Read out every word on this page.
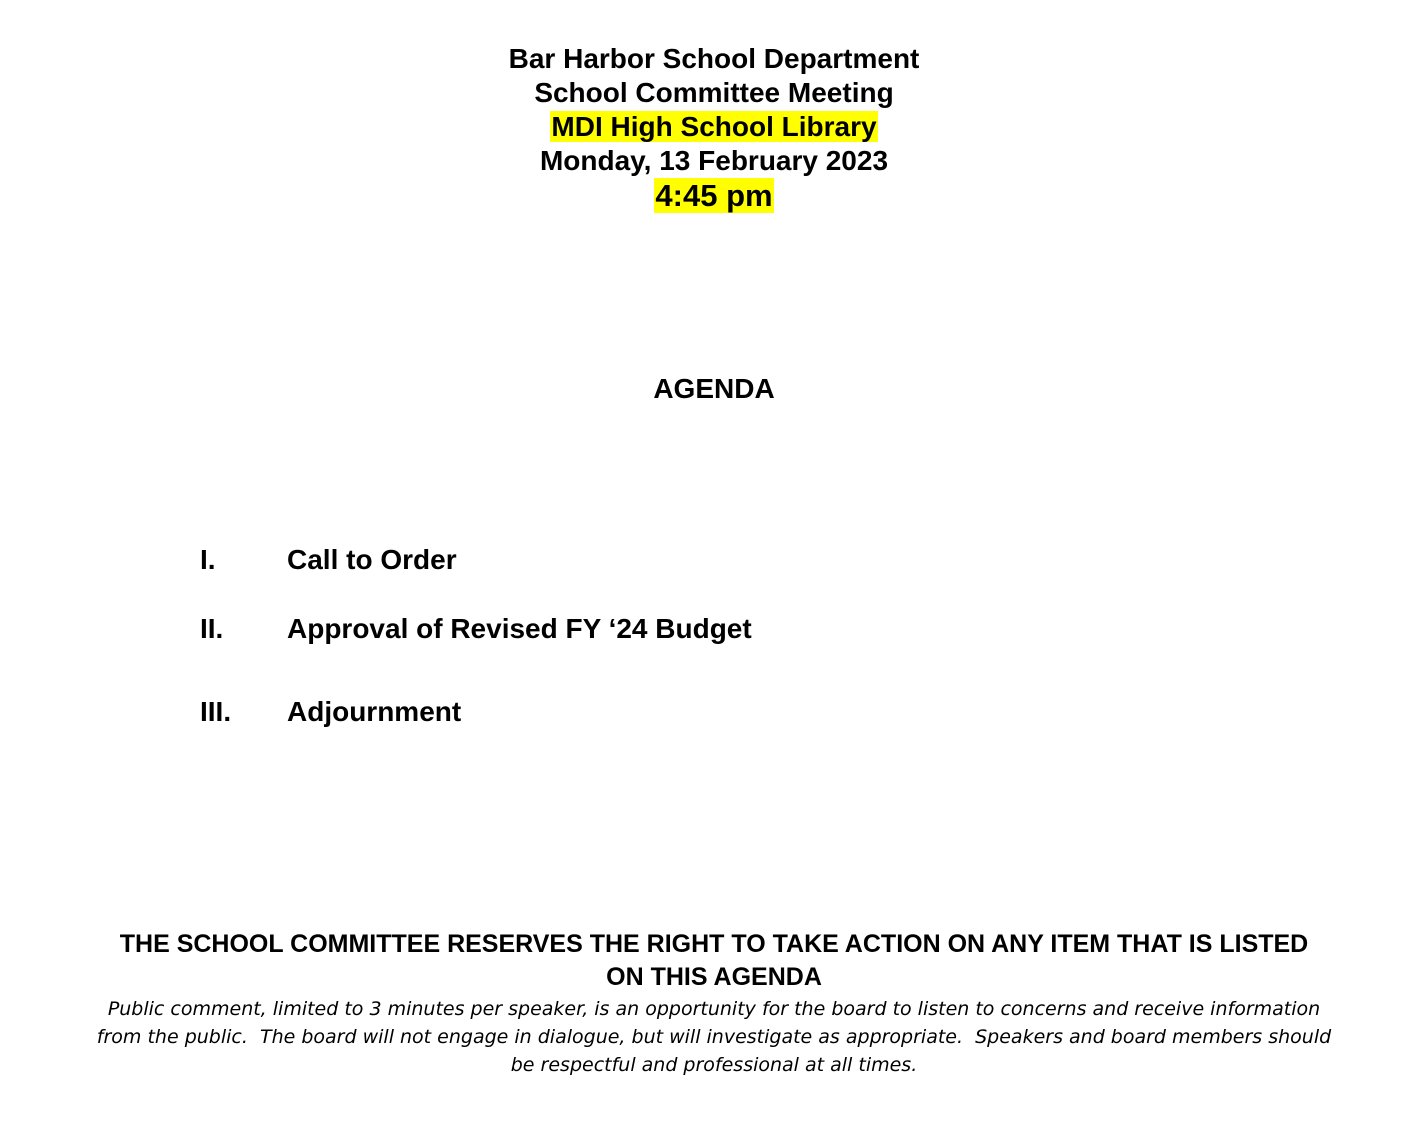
Bar Harbor School Department
School Committee Meeting
MDI High School Library
Monday, 13 February 2023
4:45 pm
AGENDA
I.	Call to Order
II. Approval of Revised FY ‘24 Budget
III. Adjournment
THE SCHOOL COMMITTEE RESERVES THE RIGHT TO TAKE ACTION ON ANY ITEM THAT IS LISTED ON THIS AGENDA
Public comment, limited to 3 minutes per speaker, is an opportunity for the board to listen to concerns and receive information from the public.  The board will not engage in dialogue, but will investigate as appropriate.  Speakers and board members should be respectful and professional at all times.
